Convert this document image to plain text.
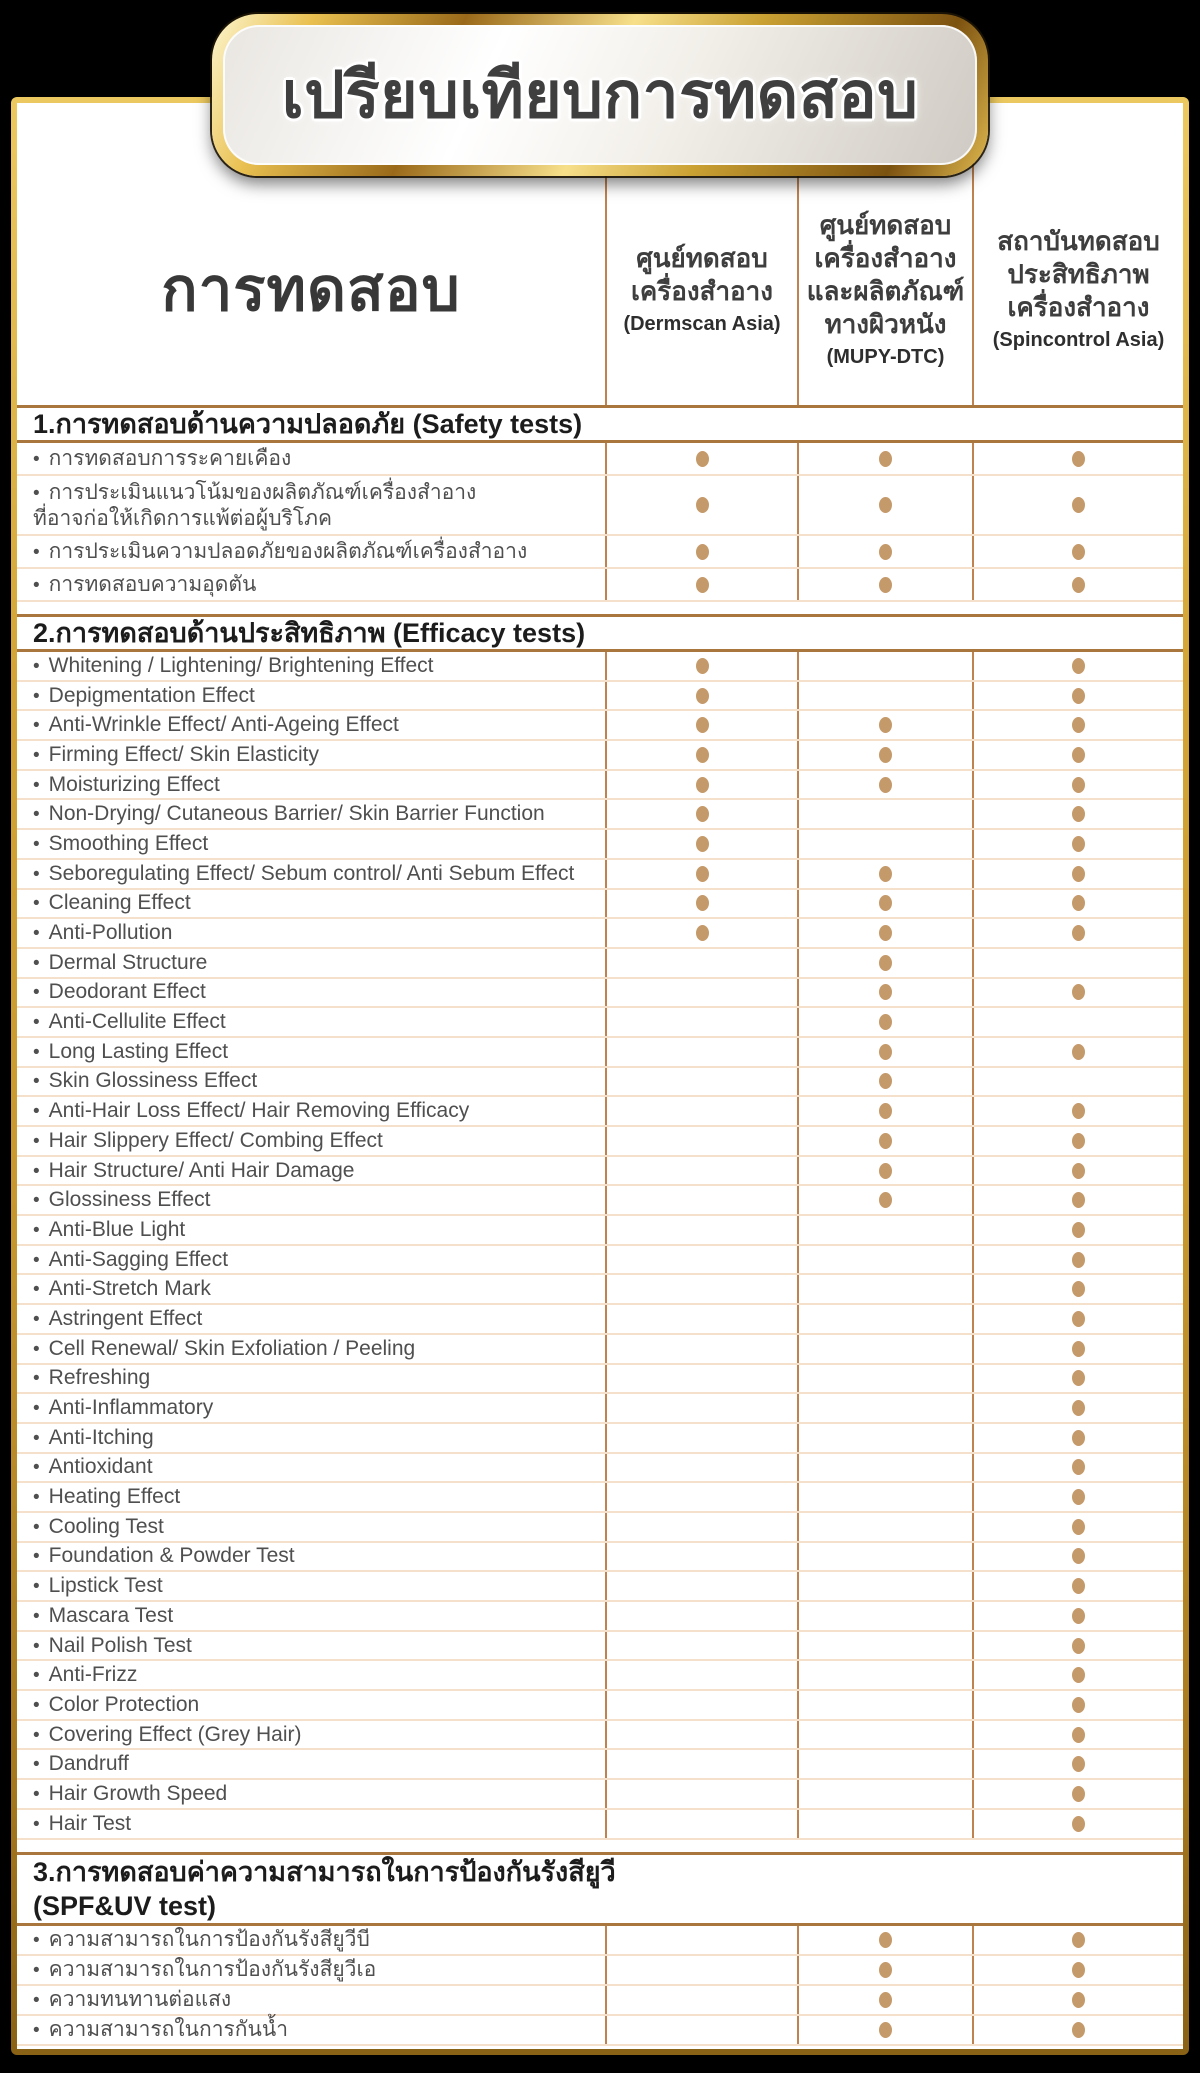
การทดสอบ	ศูนย์ทดสอบ
เครื่องสำอาง
(Dermscan Asia)
ศูนย์ทดสอบ
เครื่องสำอาง
และผลิตภัณฑ์
ทางผิวหนัง
(MUPY-DTC)
สถาบันทดสอบ
ประสิทธิภาพ
เครื่องสำอาง
(Spincontrol Asia)
1.การทดสอบด้านความปลอดภัย (Safety tests)
• การทดสอบการระคายเคือง
• การประเมินแนวโน้มของผลิตภัณฑ์เครื่องสำอาง
ที่อาจก่อให้เกิดการแพ้ต่อผู้บริโภค
• การประเมินความปลอดภัยของผลิตภัณฑ์เครื่องสำอาง
• การทดสอบความอุดตัน
2.การทดสอบด้านประสิทธิภาพ (Efficacy tests)
• Whitening / Lightening/ Brightening Effect
• Depigmentation Effect
• Anti-Wrinkle Effect/ Anti-Ageing Effect
• Firming Effect/ Skin Elasticity
• Moisturizing Effect
• Non-Drying/ Cutaneous Barrier/ Skin Barrier Function
• Smoothing Effect
• Seboregulating Effect/ Sebum control/ Anti Sebum Effect
• Cleaning Effect
• Anti-Pollution
• Dermal Structure
• Deodorant Effect
• Anti-Cellulite Effect
• Long Lasting Effect
• Skin Glossiness Effect
• Anti-Hair Loss Effect/ Hair Removing Efficacy
• Hair Slippery Effect/ Combing Effect
• Hair Structure/ Anti Hair Damage
• Glossiness Effect
• Anti-Blue Light
• Anti-Sagging Effect
• Anti-Stretch Mark
• Astringent Effect
• Cell Renewal/ Skin Exfoliation / Peeling
• Refreshing
• Anti-Inflammatory
• Anti-Itching
• Antioxidant
• Heating Effect
• Cooling Test
• Foundation & Powder Test
• Lipstick Test
• Mascara Test
• Nail Polish Test
• Anti-Frizz
• Color Protection
• Covering Effect (Grey Hair)
• Dandruff
• Hair Growth Speed
• Hair Test
3.การทดสอบค่าความสามารถในการป้องกันรังสียูวี
(SPF&UV test)
• ความสามารถในการป้องกันรังสียูวีบี
• ความสามารถในการป้องกันรังสียูวีเอ
• ความทนทานต่อแสง
• ความสามารถในการกันน้ำ
เปรียบเทียบการทดสอบ
